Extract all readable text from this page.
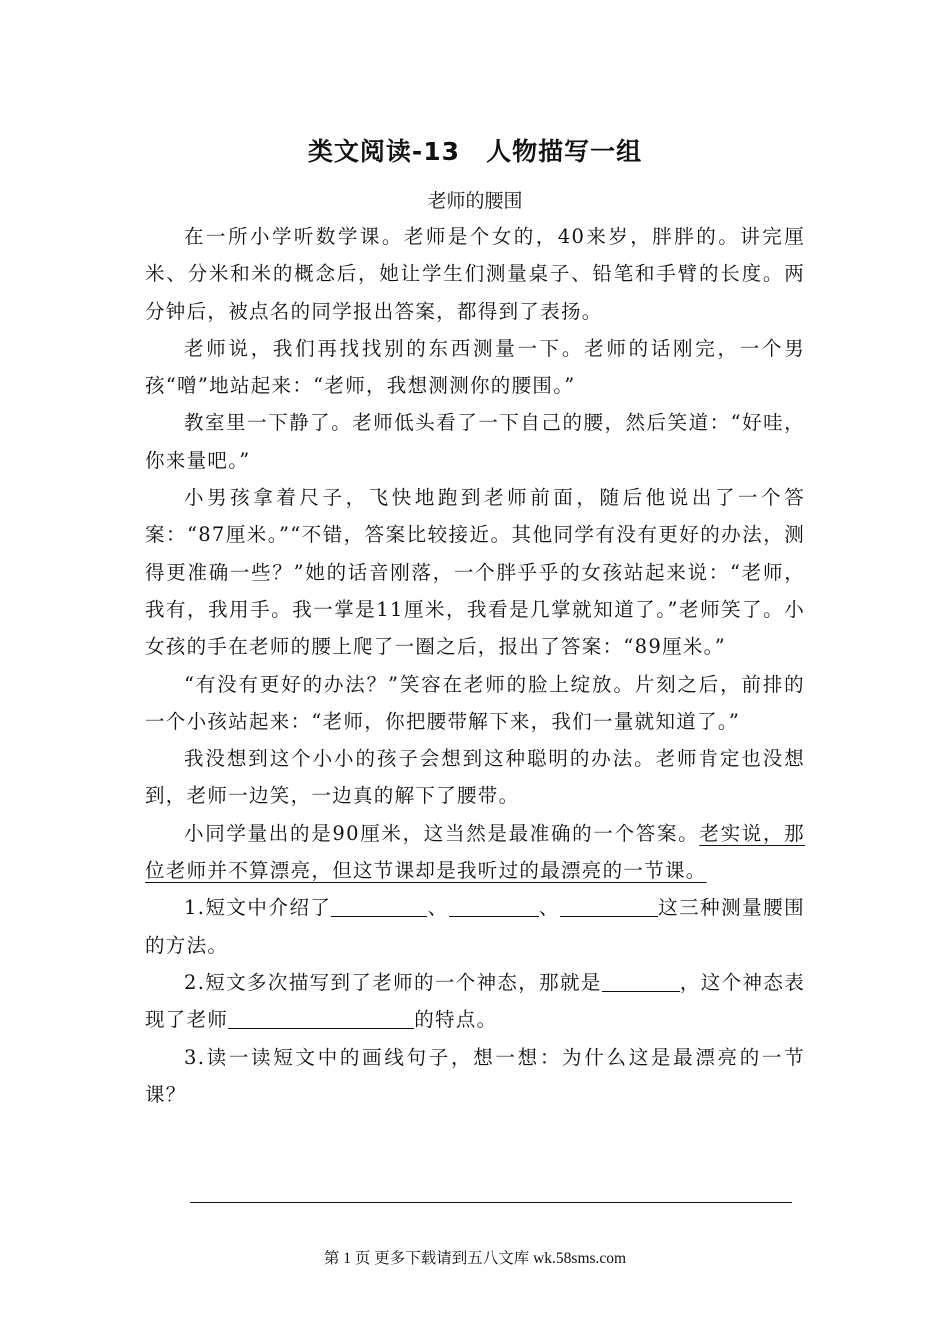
类文阅读-13　人物描写一组
老师的腰围

在一所小学听数学课。老师是个女的，40来岁，胖胖的。讲完厘米、分米和米的概念后，她让学生们测量桌子、铅笔和手臂的长度。两分钟后，被点名的同学报出答案，都得到了表扬。

老师说，我们再找找别的东西测量一下。老师的话刚完，一个男孩“噌”地站起来：“老师，我想测测你的腰围。”

教室里一下静了。老师低头看了一下自己的腰，然后笑道：“好哇，你来量吧。”

小男孩拿着尺子，飞快地跑到老师前面，随后他说出了一个答案：“87厘米。”“不错，答案比较接近。其他同学有没有更好的办法，测得更准确一些？”她的话音刚落，一个胖乎乎的女孩站起来说：“老师，我有，我用手。我一掌是11厘米，我看是几掌就知道了。”老师笑了。小女孩的手在老师的腰上爬了一圈之后，报出了答案：“89厘米。”

“有没有更好的办法？”笑容在老师的脸上绽放。片刻之后，前排的一个小孩站起来：“老师，你把腰带解下来，我们一量就知道了。”

我没想到这个小小的孩子会想到这种聪明的办法。老师肯定也没想到，老师一边笑，一边真的解下了腰带。

小同学量出的是90厘米，这当然是最准确的一个答案。老实说，那位老师并不算漂亮，但这节课却是我听过的最漂亮的一节课。

1.短文中介绍了	、	、	这三种测量腰围的方法。

2.短文多次描写到了老师的一个神态，那就是	，这个神态表现了老师	的特点。

3.读一读短文中的画线句子，想一想：为什么这是最漂亮的一节课？

第 1 页 更多下载请到五八文库 wk.58sms.com
